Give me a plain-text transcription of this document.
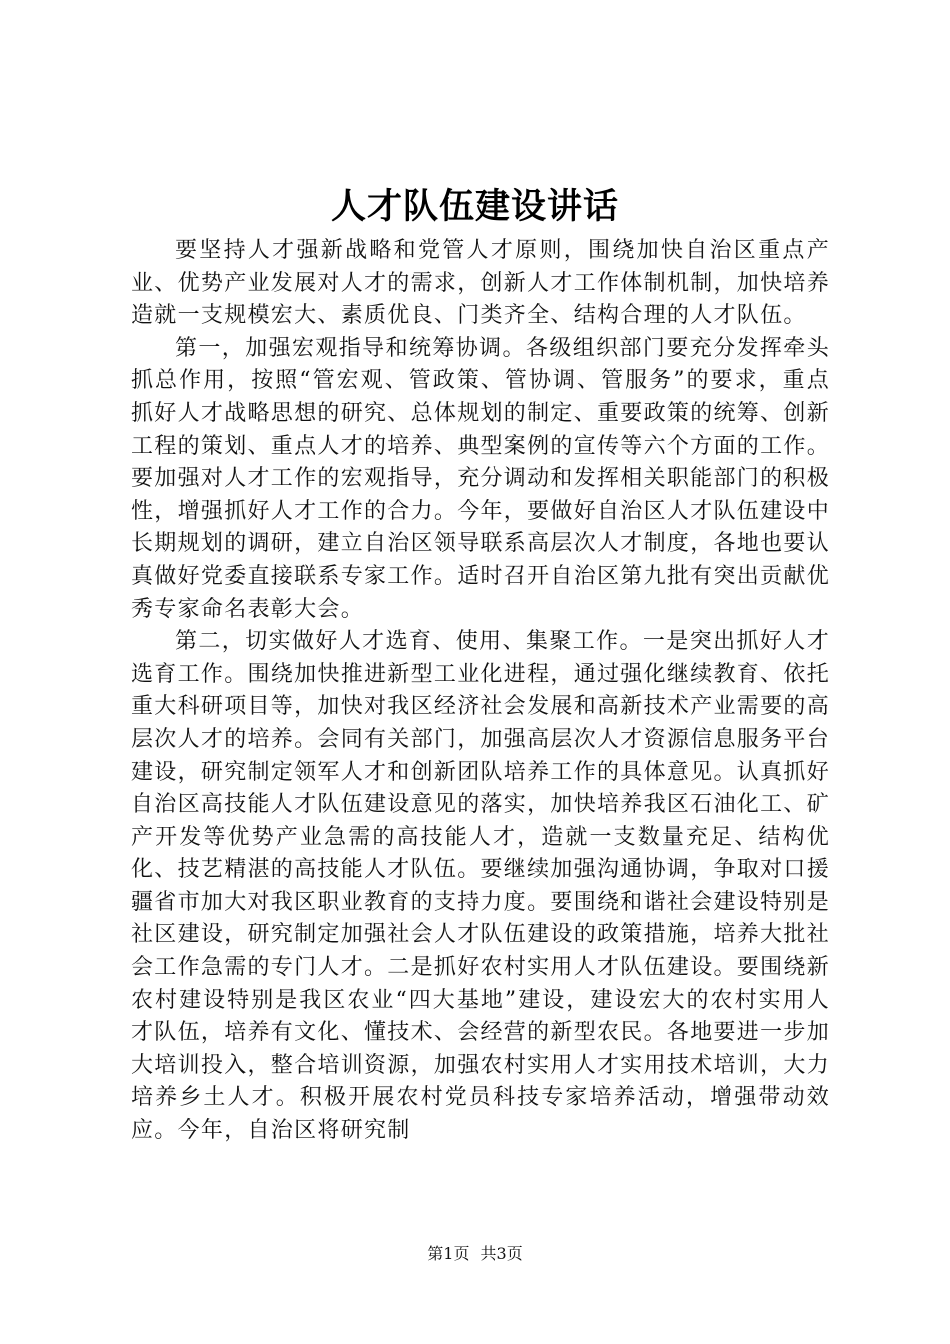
人才队伍建设讲话

要坚持人才强新战略和党管人才原则，围绕加快自治区重点产业、优势产业发展对人才的需求，创新人才工作体制机制，加快培养造就一支规模宏大、素质优良、门类齐全、结构合理的人才队伍。

第一，加强宏观指导和统筹协调。各级组织部门要充分发挥牵头抓总作用，按照“管宏观、管政策、管协调、管服务”的要求，重点抓好人才战略思想的研究、总体规划的制定、重要政策的统筹、创新工程的策划、重点人才的培养、典型案例的宣传等六个方面的工作。要加强对人才工作的宏观指导，充分调动和发挥相关职能部门的积极性，增强抓好人才工作的合力。今年，要做好自治区人才队伍建设中长期规划的调研，建立自治区领导联系高层次人才制度，各地也要认真做好党委直接联系专家工作。适时召开自治区第九批有突出贡献优秀专家命名表彰大会。

第二，切实做好人才选育、使用、集聚工作。一是突出抓好人才选育工作。围绕加快推进新型工业化进程，通过强化继续教育、依托重大科研项目等，加快对我区经济社会发展和高新技术产业需要的高层次人才的培养。会同有关部门，加强高层次人才资源信息服务平台建设，研究制定领军人才和创新团队培养工作的具体意见。认真抓好自治区高技能人才队伍建设意见的落实，加快培养我区石油化工、矿产开发等优势产业急需的高技能人才，造就一支数量充足、结构优化、技艺精湛的高技能人才队伍。要继续加强沟通协调，争取对口援疆省市加大对我区职业教育的支持力度。要围绕和谐社会建设特别是社区建设，研究制定加强社会人才队伍建设的政策措施，培养大批社会工作急需的专门人才。二是抓好农村实用人才队伍建设。要围绕新农村建设特别是我区农业“四大基地”建设，建设宏大的农村实用人才队伍，培养有文化、懂技术、会经营的新型农民。各地要进一步加大培训投入，整合培训资源，加强农村实用人才实用技术培训，大力培养乡土人才。积极开展农村党员科技专家培养活动，增强带动效应。今年，自治区将研究制

第1页 共3页
